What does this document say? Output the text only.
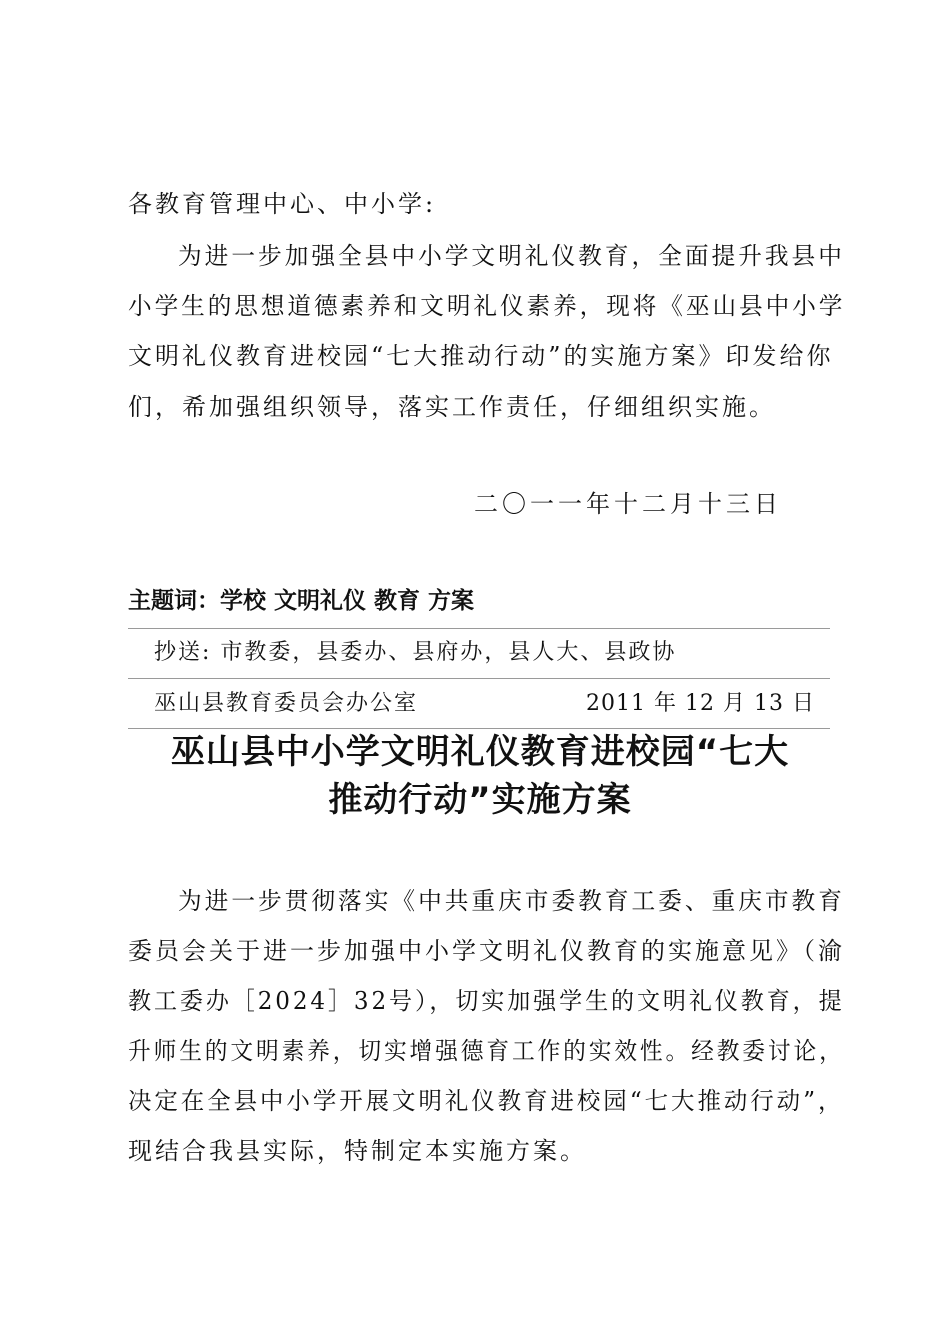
各教育管理中心、中小学:
为进一步加强全县中小学文明礼仪教育，全面提升我县中
小学生的思想道德素养和文明礼仪素养，现将《巫山县中小学
文明礼仪教育进校园“七大推动行动”的实施方案》印发给你
们，希加强组织领导，落实工作责任，仔细组织实施。
二〇一一年十二月十三日
主题词：学校 文明礼仪 教育 方案
抄送: 市教委，县委办、县府办，县人大、县政协
巫山县教育委员会办公室	2011 年 12 月 13 日
巫山县中小学文明礼仪教育进校园“七大
推动行动”实施方案
为进一步贯彻落实《中共重庆市委教育工委、重庆市教育
委员会关于进一步加强中小学文明礼仪教育的实施意见》（渝
教工委办［2024］32号），切实加强学生的文明礼仪教育，提
升师生的文明素养，切实增强德育工作的实效性。经教委讨论，
决定在全县中小学开展文明礼仪教育进校园“七大推动行动”，
现结合我县实际，特制定本实施方案。
